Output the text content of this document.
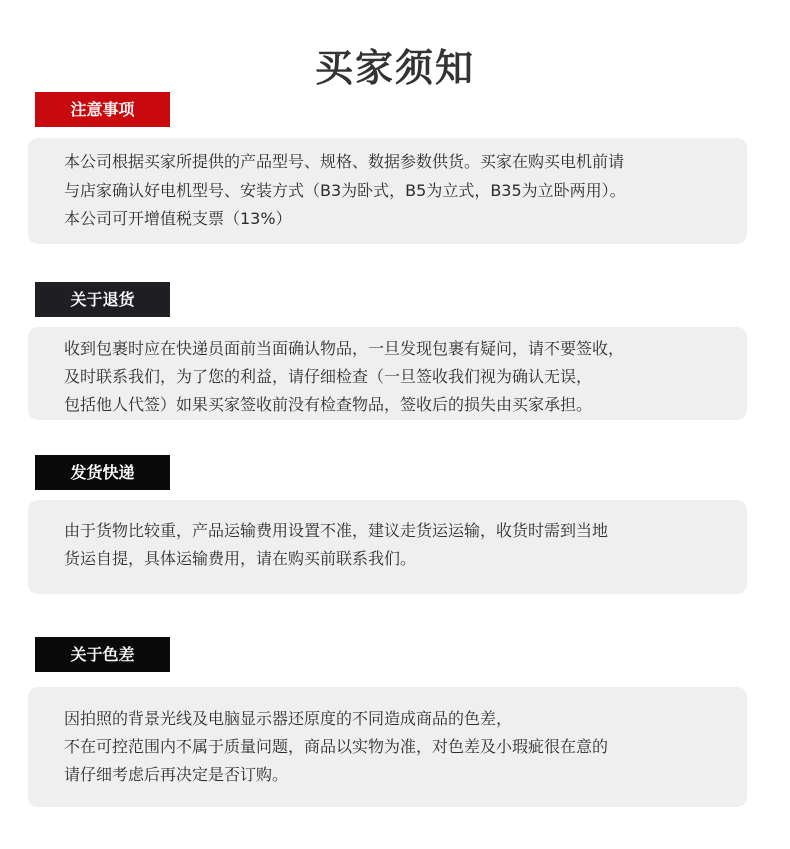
买家须知
注意事项
本公司根据买家所提供的产品型号、规格、数据参数供货。买家在购买电机前请
与店家确认好电机型号、安装方式（B3为卧式，B5为立式，B35为立卧两用）。
本公司可开增值税支票（13%）
关于退货
收到包裹时应在快递员面前当面确认物品，一旦发现包裹有疑问，请不要签收，
及时联系我们，为了您的利益，请仔细检查（一旦签收我们视为确认无误，
包括他人代签）如果买家签收前没有检查物品，签收后的损失由买家承担。
发货快递
由于货物比较重，产品运输费用设置不准，建议走货运运输，收货时需到当地
货运自提，具体运输费用，请在购买前联系我们。
关于色差
因拍照的背景光线及电脑显示器还原度的不同造成商品的色差，
不在可控范围内不属于质量问题，商品以实物为准，对色差及小瑕疵很在意的
请仔细考虑后再决定是否订购。
